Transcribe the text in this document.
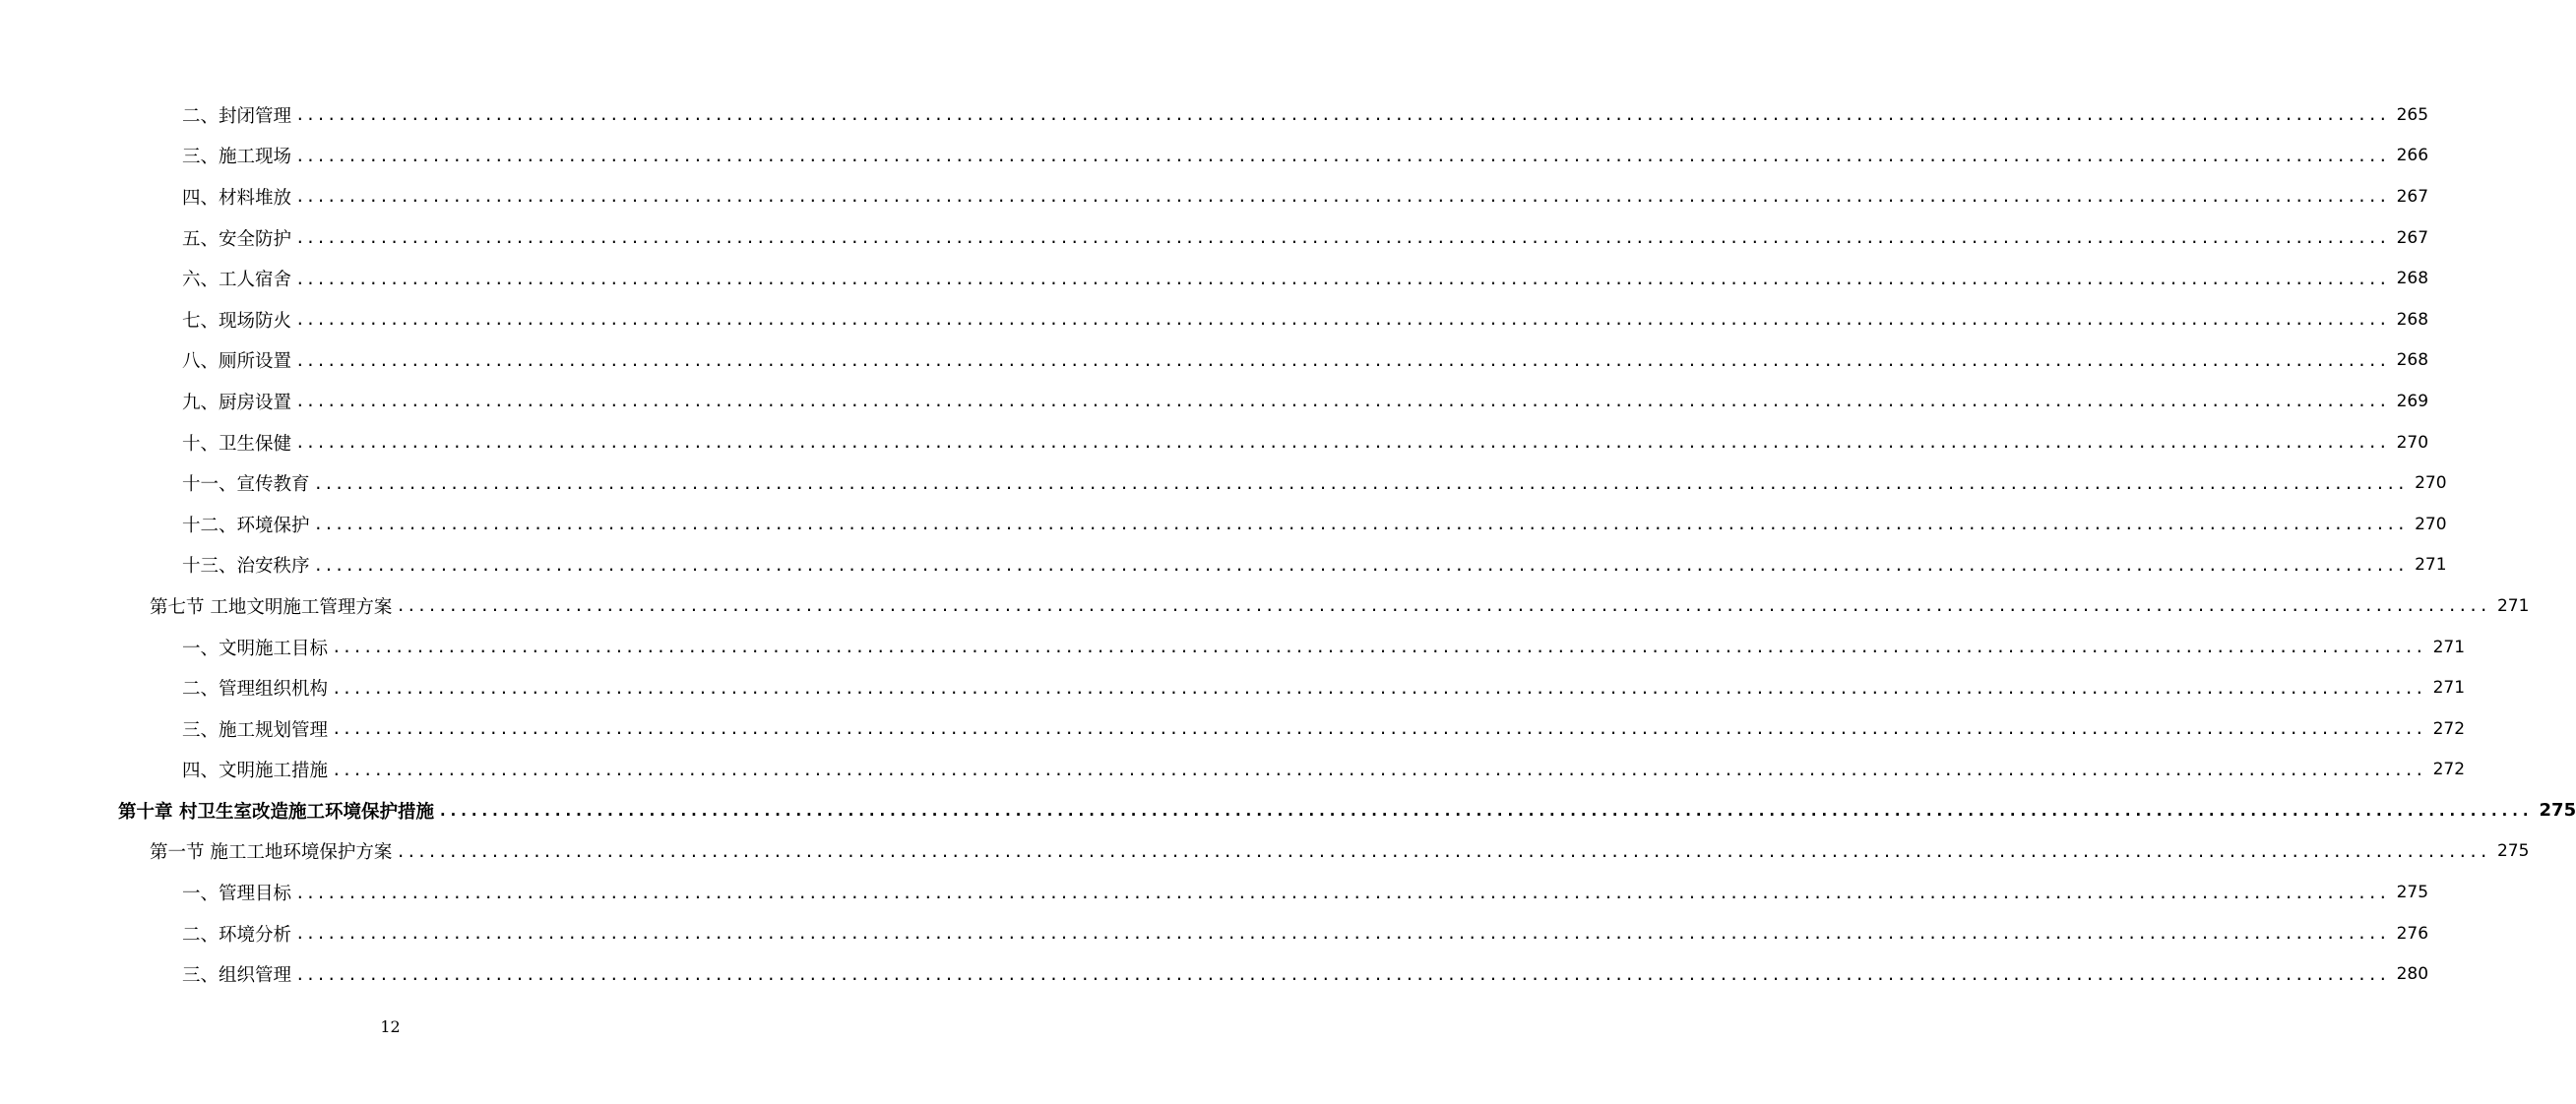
二、封闭管理 ........................................................................................................................................................................................................ 265
三、施工现场 ........................................................................................................................................................................................................ 266
四、材料堆放 ........................................................................................................................................................................................................ 267
五、安全防护 ........................................................................................................................................................................................................ 267
六、工人宿舍 ........................................................................................................................................................................................................ 268
七、现场防火 ........................................................................................................................................................................................................ 268
八、厕所设置 ........................................................................................................................................................................................................ 268
九、厨房设置 ........................................................................................................................................................................................................ 269
十、卫生保健 ........................................................................................................................................................................................................ 270
十一、宣传教育 ........................................................................................................................................................................................................ 270
十二、环境保护 ........................................................................................................................................................................................................ 270
十三、治安秩序 ........................................................................................................................................................................................................ 271
第七节 工地文明施工管理方案 ........................................................................................................................................................................................................ 271
一、文明施工目标 ........................................................................................................................................................................................................ 271
二、管理组织机构 ........................................................................................................................................................................................................ 271
三、施工规划管理 ........................................................................................................................................................................................................ 272
四、文明施工措施 ........................................................................................................................................................................................................ 272
第十章 村卫生室改造施工环境保护措施 ........................................................................................................................................................................................................ 275
第一节 施工工地环境保护方案 ........................................................................................................................................................................................................ 275
一、管理目标 ........................................................................................................................................................................................................ 275
二、环境分析 ........................................................................................................................................................................................................ 276
三、组织管理 ........................................................................................................................................................................................................ 280
12
